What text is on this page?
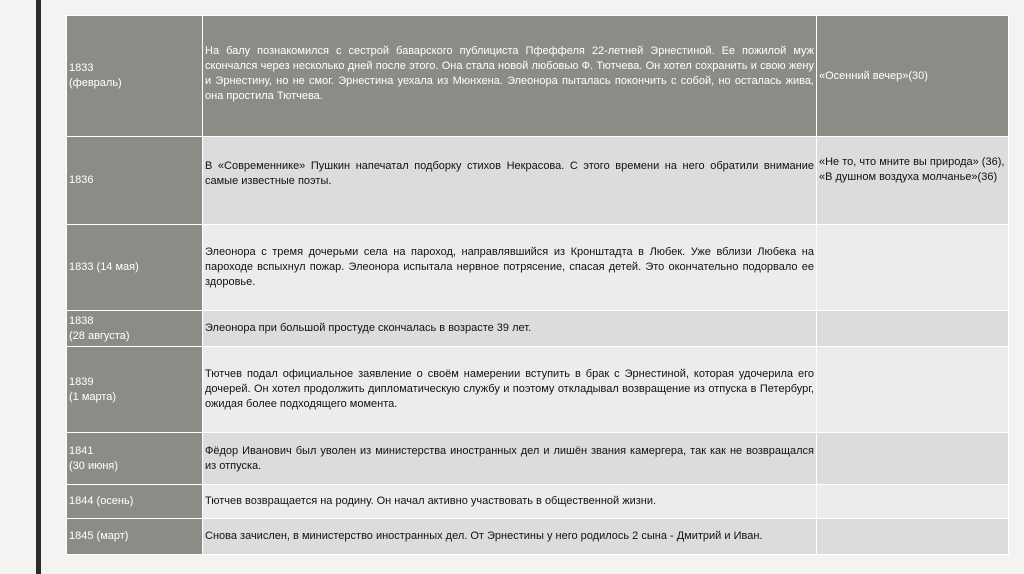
1833
(февраль)	На балу познакомился с сестрой баварского публициста Пфеффеля 22-летней Эрнестиной. Ее пожилой муж скончался через несколько дней после этого. Она стала новой любовью Ф. Тютчева. Он хотел сохранить и свою жену и Эрнестину, но не смог. Эрнестина уехала из Мюнхена. Элеонора пыталась покончить с собой, но осталась жива, она простила Тютчева.	«Осенний вечер»(30)
1836	В «Современнике» Пушкин напечатал подборку стихов Некрасова. С этого времени на него обратили внимание самые известные поэты.	«Не то, что мните вы природа» (36),
«В душном воздуха молчанье»(36)
1833 (14 мая)	Элеонора с тремя дочерьми села на пароход, направлявшийся из Кронштадта в Любек. Уже вблизи Любека на пароходе вспыхнул пожар. Элеонора испытала нервное потрясение, спасая детей. Это окончательно подорвало ее здоровье.	
1838
(28 августа)	Элеонора при большой простуде скончалась в возрасте 39 лет.	
1839
(1 марта)	Тютчев подал официальное заявление о своём намерении вступить в брак с Эрнестиной, которая удочерила его дочерей. Он хотел продолжить дипломатическую службу и поэтому откладывал возвращение из отпуска в Петербург, ожидая более подходящего момента.	
1841
(30 июня)	Фёдор Иванович был уволен из министерства иностранных дел и лишён звания камергера, так как не возвращался из отпуска.	
1844 (осень)	Тютчев возвращается на родину. Он начал активно участвовать в общественной жизни.	
1845 (март)	Снова зачислен, в министерство иностранных дел. От Эрнестины у него родилось 2 сына - Дмитрий и Иван.	
